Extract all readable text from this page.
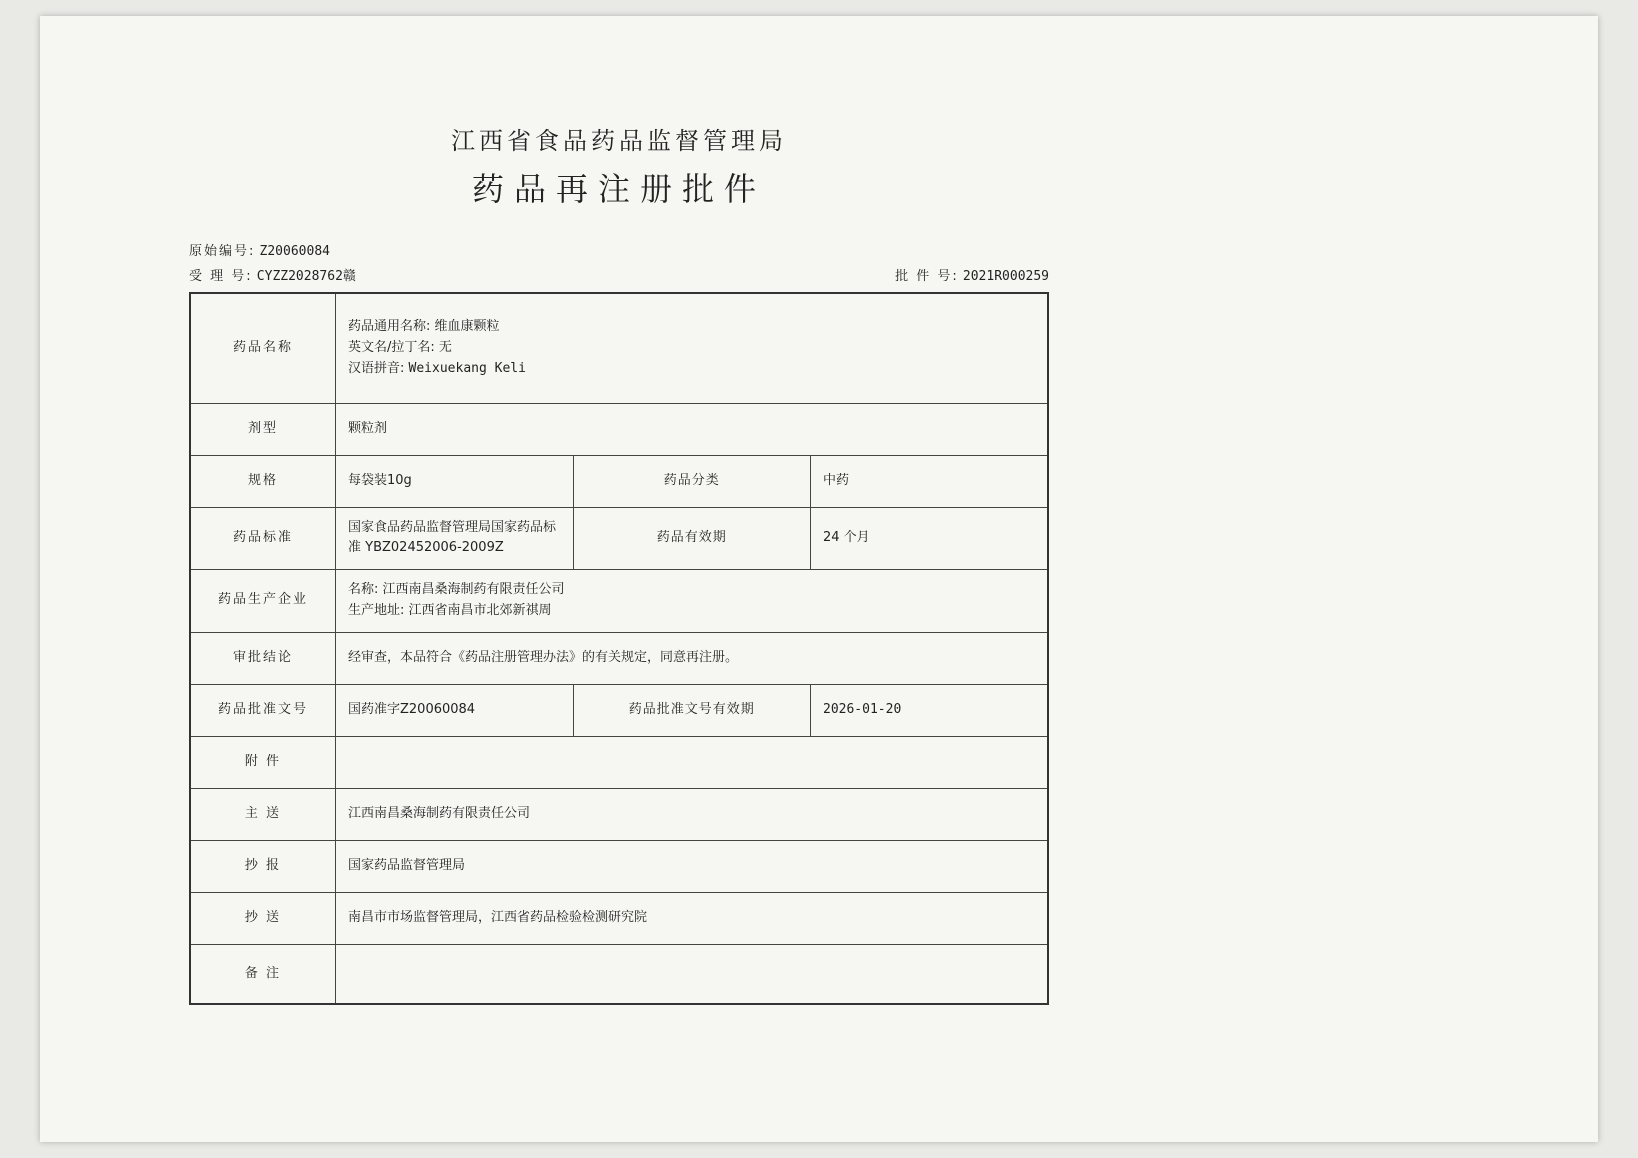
江西省食品药品监督管理局
药品再注册批件
原始编号: Z20060084
受 理 号: CYZZ2028762赣	批 件 号: 2021R000259
药品名称	药品通用名称: 维血康颗粒
英文名/拉丁名: 无
汉语拼音: Weixuekang Keli		

剂型	颗粒剂		
规格	每袋装10g	药品分类	中药
药品标准	国家食品药品监督管理局国家药品标准 YBZ02452006-2009Z	药品有效期	24 个月
药品生产企业	名称: 江西南昌桑海制药有限责任公司
生产地址: 江西省南昌市北郊新祺周		

审批结论	经审查，本品符合《药品注册管理办法》的有关规定，同意再注册。		
药品批准文号	国药准字Z20060084	药品批准文号有效期	2026-01-20
附 件			
主 送	江西南昌桑海制药有限责任公司		
抄 报	国家药品监督管理局		
抄 送	南昌市市场监督管理局，江西省药品检验检测研究院		
备 注			
